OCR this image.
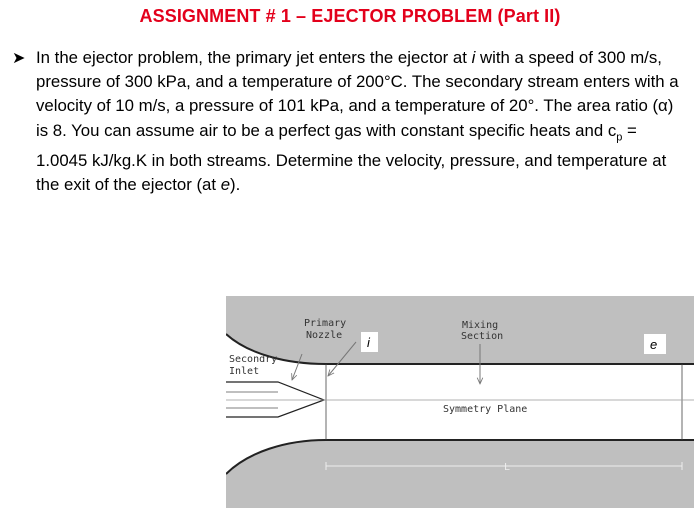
ASSIGNMENT # 1 – EJECTOR PROBLEM (Part II)
➤ In the ejector problem, the primary jet enters the ejector at i with a speed of 300 m/s, pressure of 300 kPa, and a temperature of 200°C. The secondary stream enters with a velocity of 10 m/s, a pressure of 101 kPa, and a temperature of 20°. The area ratio (α) is 8. You can assume air to be a perfect gas with constant specific heats and $c_p = 1.0045$ kJ/kg.K in both streams. Determine the velocity, pressure, and temperature at the exit of the ejector (at e).
Primary
Nozzle
Mixing
Section
Secondry
Inlet
Symmetry Plane
L
i	e
